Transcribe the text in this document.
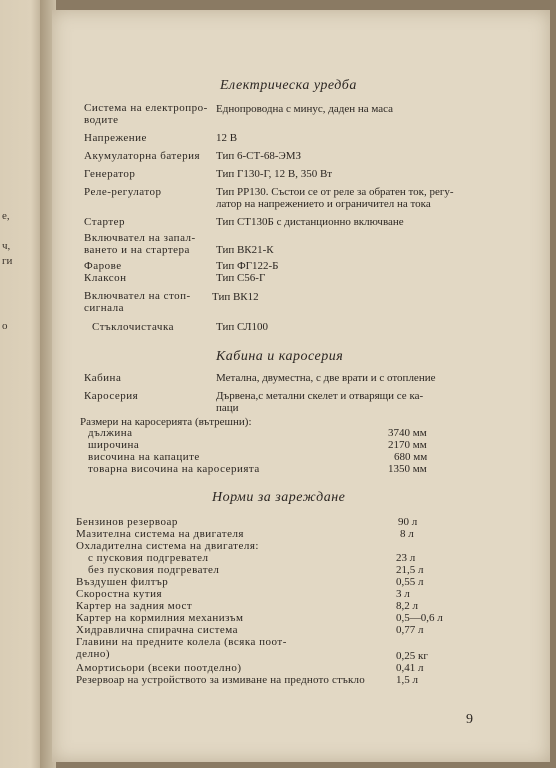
е,
ч,
ги
о
Електрическа уредба
Система на електропро-
водите
Еднопроводна с минус, даден на маса
Напрежение	12 В
Акумулаторна батерия Тип 6-СТ-68-ЭМЗ
Генератор	Тип Г130-Г, 12 В, 350 Вт
Реле-регулатор	Тип РР130. Състои се от реле за обратен ток, регу-
латор на напрежението и ограничител на тока
Стартер	Тип СТ130Б с дистанционно включване
Включвател на запал-
ването и на стартера Тип ВК21-К
Фарове	Тип ФГ122-Б
Клаксон	Тип С56-Г
Включвател на стоп-
сигнала
Тип ВК12
Стъклочистачка	Тип СЛ100
Кабина и каросерия
Кабина	Метална, двуместна, с две врати и с отопление
Каросерия	Дървена,с метални скелет и отварящи се ка-
паци
Размери на каросерията (вътрешни):
дължина	3740 мм
широчина	2170 мм
височина на капаците	680 мм
товарна височина на каросерията	1350 мм
Норми за зареждане
Бензинов резервоар	90 л
Мазителна система на двигателя	8 л
Охладителна система на двигателя:
с пусковия подгревател	23 л
без пусковия подгревател	21,5 л
Въздушен филтър	0,55 л
Скоростна кутия	3 л
Картер на задния мост	8,2 л
Картер на кормилния механизъм	0,5—0,6 л
Хидравлична спирачна система	0,77 л
Главини на предните колела (всяка поот-
делно)	0,25 кг
Амортисьори (всеки поотделно)	0,41 л
Резервоар на устройството за измиване на предното стъкло	1,5 л
9
